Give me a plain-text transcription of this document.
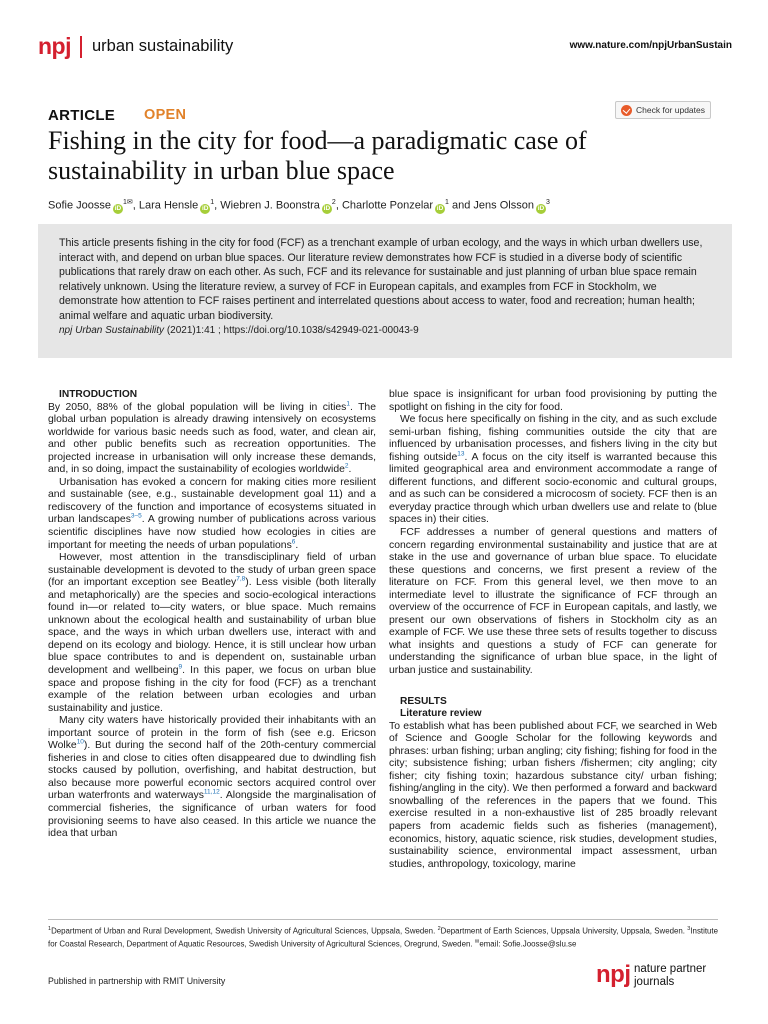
npj urban sustainability	www.nature.com/npjUrbanSustain
ARTICLE OPEN	Check for updates
Fishing in the city for food—a paradigmatic case of sustainability in urban blue space
Sofie Joosse $iD^{1✉}$, Lara Hensle $iD^1$, Wiebren J. Boonstra $iD^2$, Charlotte Ponzelar $iD^1$ and Jens Olsson $iD^3$
This article presents fishing in the city for food (FCF) as a trenchant example of urban ecology, and the ways in which urban dwellers use, interact with, and depend on urban blue spaces. Our literature review demonstrates how FCF is studied in a diverse body of scientific publications that rarely draw on each other. As such, FCF and its relevance for sustainable and just planning of urban blue space remain relatively unknown. Using the literature review, a survey of FCF in European capitals, and examples from FCF in Stockholm, we demonstrate how attention to FCF raises pertinent and interrelated questions about access to water, food and recreation; human health; animal welfare and aquatic urban biodiversity.
npj Urban Sustainability (2021)1:41 ; https://doi.org/10.1038/s42949-021-00043-9

INTRODUCTION

By 2050, 88% of the global population will be living in cities$^1$. The global urban population is already drawing intensively on ecosystems worldwide for various basic needs such as food, water, and clean air, and other public benefits such as recreation opportunities. The projected increase in urbanisation will only increase these demands, and, in so doing, impact the sustainability of ecologies worldwide$^2$.

Urbanisation has evoked a concern for making cities more resilient and sustainable (see, e.g., sustainable development goal 11) and a rediscovery of the function and importance of ecosystems situated in urban landscapes$^{3-5}$. A growing number of publications across various scientific disciplines have now studied how ecologies in cities are important for meeting the needs of urban populations$^6$.

However, most attention in the transdisciplinary field of urban sustainable development is devoted to the study of urban green space (for an important exception see Beatley$^{7,8}$). Less visible (both literally and metaphorically) are the species and socio-ecological interactions found in—or related to—city waters, or blue space. Much remains unknown about the ecological health and sustainability of urban blue space, and the ways in which urban dwellers use, interact with and depend on its ecology and biology. Hence, it is still unclear how urban blue space contributes to and is dependent on, sustainable urban development and wellbeing$^9$. In this paper, we focus on urban blue space and propose fishing in the city for food (FCF) as a trenchant example of the relation between urban ecologies and urban sustainability and justice.

Many city waters have historically provided their inhabitants with an important source of protein in the form of fish (see e.g. Ericson Wolke$^{10}$). But during the second half of the 20th-century commercial fisheries in and close to cities often disappeared due to dwindling fish stocks caused by pollution, overfishing, and habitat destruction, but also because more powerful economic sectors acquired control over urban waterfronts and waterways$^{11,12}$. Alongside the marginalisation of commercial fisheries, the significance of urban waters for food provisioning seems to have also ceased. In this article we nuance the idea that urban

blue space is insignificant for urban food provisioning by putting the spotlight on fishing in the city for food.

We focus here specifically on fishing in the city, and as such exclude semi-urban fishing, fishing communities outside the city that are influenced by urbanisation processes, and fishers living in the city but fishing outside$^{13}$. A focus on the city itself is warranted because this limited geographical area and environment accommodate a range of different functions, and different socio-economic and cultural groups, and as such can be considered a microcosm of society. FCF then is an everyday practice through which urban dwellers use and relate to (blue spaces in) their cities.

FCF addresses a number of general questions and matters of concern regarding environmental sustainability and justice that are at stake in the use and governance of urban blue space. To elucidate these questions and concerns, we first present a review of the literature on FCF. From this general level, we then move to an intermediate level to illustrate the significance of FCF through an overview of the occurrence of FCF in European capitals, and lastly, we present our own observations of fishers in Stockholm city as an example of FCF. We use these three sets of results together to discuss what insights and questions a study of FCF can generate for understanding the significance of urban blue space, in the light of urban justice and sustainability.

RESULTS

Literature review

To establish what has been published about FCF, we searched in Web of Science and Google Scholar for the following keywords and phrases: urban fishing; urban angling; city fishing; fishing for food in the city; subsistence fishing; urban fishers /fishermen; city angling; city fisher; city fishing toxin; hazardous substance city/ urban fishing; fishing/angling in the city). We then performed a forward and backward snowballing of the references in the papers that we found. This exercise resulted in a non-exhaustive list of 285 broadly relevant papers from academic fields such as fisheries (management), economics, history, aquatic science, risk studies, development studies, sustainability science, environmental impact assessment, urban studies, anthropology, toxicology, marine

$^1$Department of Urban and Rural Development, Swedish University of Agricultural Sciences, Uppsala, Sweden. $^2$Department of Earth Sciences, Uppsala University, Uppsala, Sweden. $^3$Institute for Coastal Research, Department of Aquatic Resources, Swedish University of Agricultural Sciences, Oregrund, Sweden. ✉email: Sofie.Joosse@slu.se
Published in partnership with RMIT University	npj nature partner
journals
